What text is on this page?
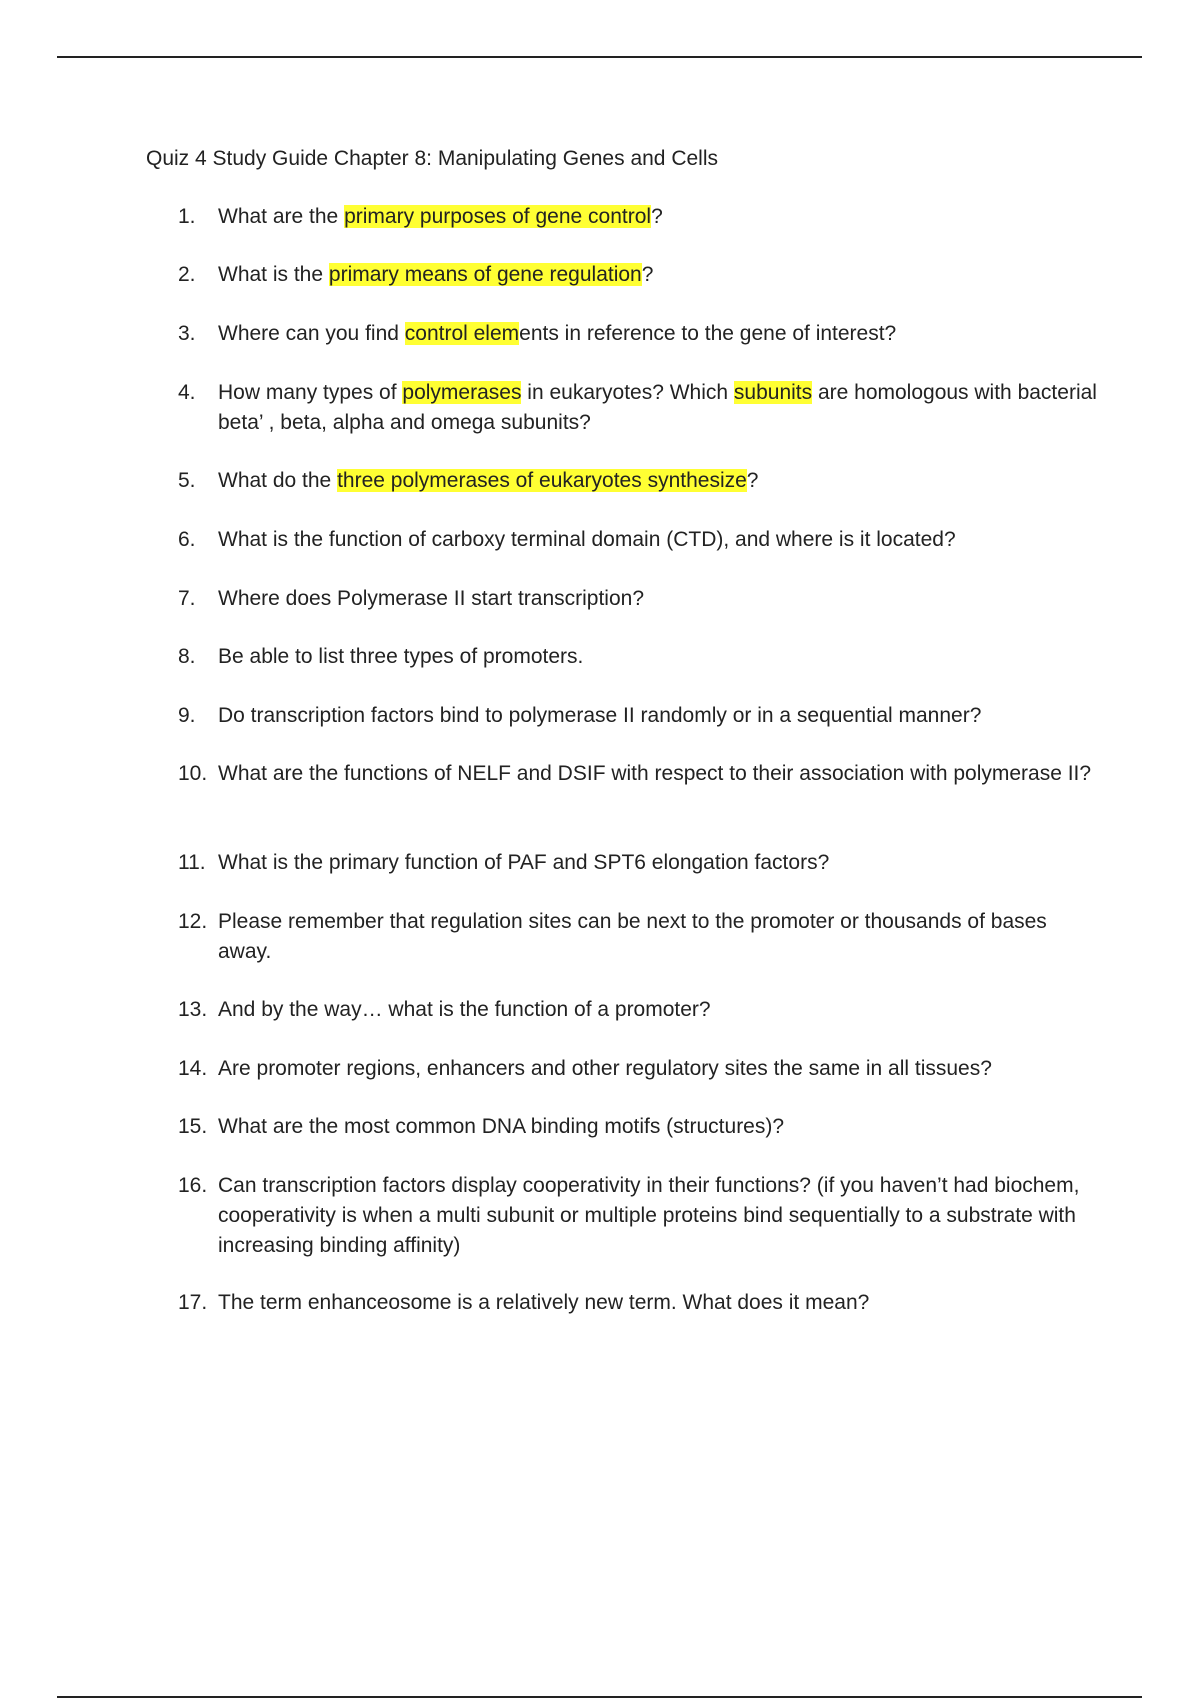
Quiz 4 Study Guide Chapter 8: Manipulating Genes and Cells
1. What are the primary purposes of gene control?
2. What is the primary means of gene regulation?
3. Where can you find control elements in reference to the gene of interest?
4. How many types of polymerases in eukaryotes? Which subunits are homologous with bacterial beta’ , beta, alpha and omega subunits?
5. What do the three polymerases of eukaryotes synthesize?
6. What is the function of carboxy terminal domain (CTD), and where is it located?
7. Where does Polymerase II start transcription?
8. Be able to list three types of promoters.
9. Do transcription factors bind to polymerase II randomly or in a sequential manner?
10. What are the functions of NELF and DSIF with respect to their association with polymerase II?
11. What is the primary function of PAF and SPT6 elongation factors?
12. Please remember that regulation sites can be next to the promoter or thousands of bases away.
13. And by the way… what is the function of a promoter?
14. Are promoter regions, enhancers and other regulatory sites the same in all tissues?
15. What are the most common DNA binding motifs (structures)?
16. Can transcription factors display cooperativity in their functions? (if you haven’t had biochem, cooperativity is when a multi subunit or multiple proteins bind sequentially to a substrate with increasing binding affinity)
17. The term enhanceosome is a relatively new term. What does it mean?
